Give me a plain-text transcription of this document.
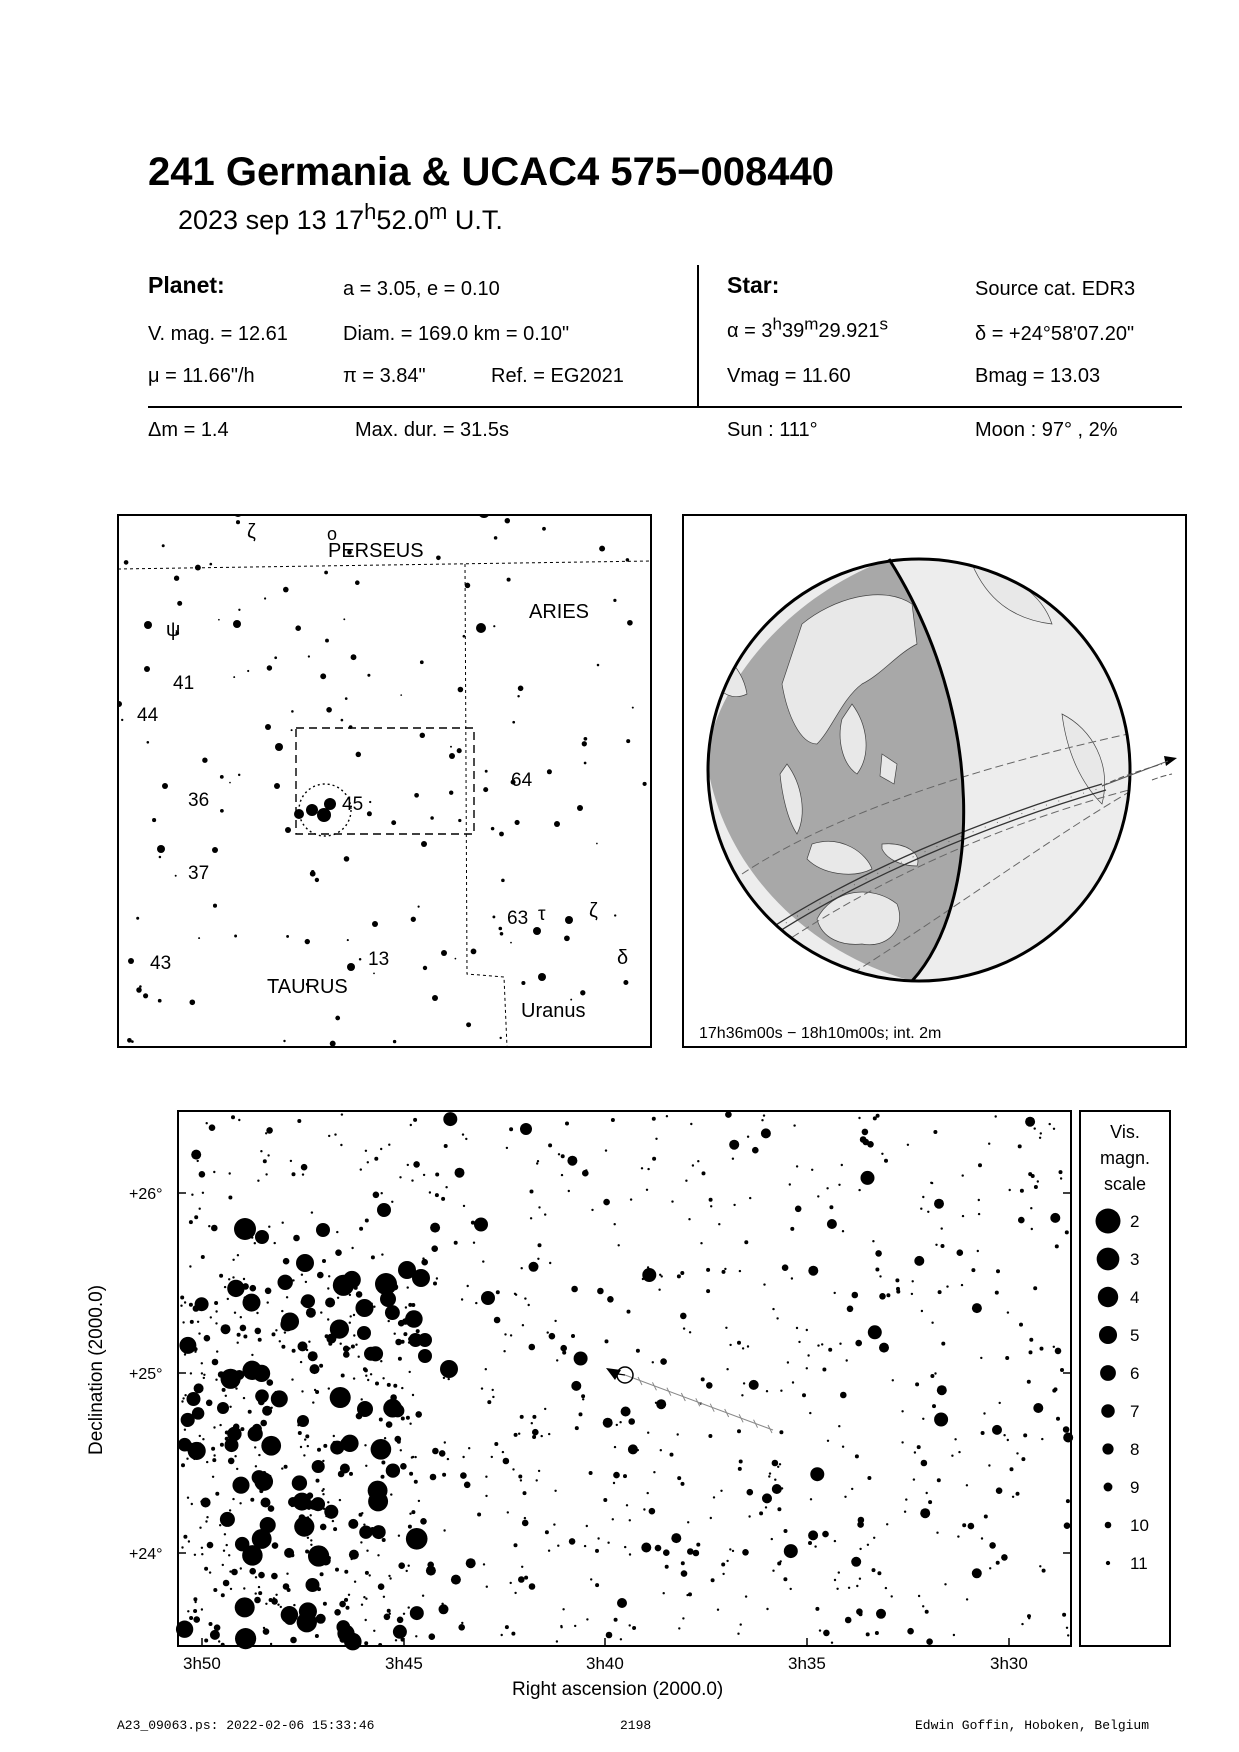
241 Germania & UCAC4 575−008440
2023 sep 13 17$^h$52.0$^m$ U.T.
Planet:	a = 3.05, e = 0.10
V. mag. = 12.61	Diam. = 169.0 km = 0.10"
μ = 11.66"/h	π = 3.84"	Ref. = EG2021
Star:	Source cat. EDR3
$\alpha = 3^h39^m29.921^s$	δ = +24°58'07.20"
Vmag = 11.60	Bmag = 13.03
Δm = 1.4	Max. dur. = 31.5s	Sun : 111°	Moon : 97° , 2%
ζ	o
PERSEUS
ARIES
ψ
41
44
36	45
37
64
63 τ ζ
δ
43	13
TAURUS
Uranus
17h36m00s − 18h10m00s; int. 2m
+26°
+25°
+24°
3h50	3h45	3h40	3h35	3h30
Right ascension (2000.0)
Declination (2000.0)
Vis.
magn.
scale
2
3
4
5
6
7
8
9
10
11
A23_09063.ps: 2022-02-06 15:33:46	2198	Edwin Goffin, Hoboken, Belgium
